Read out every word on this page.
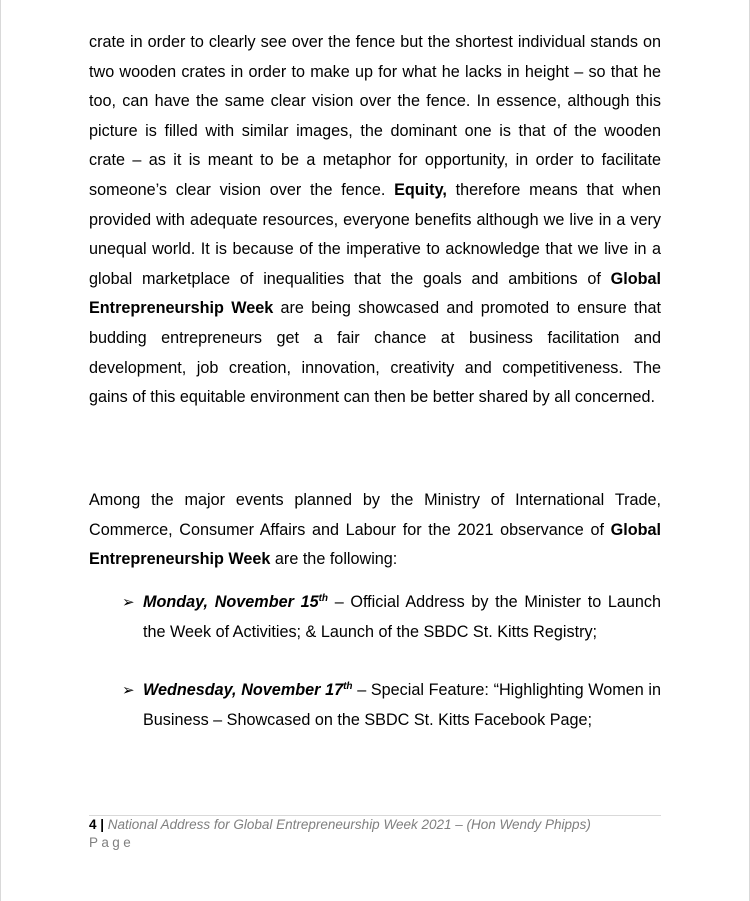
crate in order to clearly see over the fence but the shortest individual stands on two wooden crates in order to make up for what he lacks in height – so that he too, can have the same clear vision over the fence. In essence, although this picture is filled with similar images, the dominant one is that of the wooden crate – as it is meant to be a metaphor for opportunity, in order to facilitate someone’s clear vision over the fence. Equity, therefore means that when provided with adequate resources, everyone benefits although we live in a very unequal world. It is because of the imperative to acknowledge that we live in a global marketplace of inequalities that the goals and ambitions of Global Entrepreneurship Week are being showcased and promoted to ensure that budding entrepreneurs get a fair chance at business facilitation and development, job creation, innovation, creativity and competitiveness. The gains of this equitable environment can then be better shared by all concerned.

Among the major events planned by the Ministry of International Trade, Commerce, Consumer Affairs and Labour for the 2021 observance of Global Entrepreneurship Week are the following:

➢ Monday, November 15th – Official Address by the Minister to Launch the Week of Activities; & Launch of the SBDC St. Kitts Registry;

➢ Wednesday, November 17th – Special Feature: “Highlighting Women in Business – Showcased on the SBDC St. Kitts Facebook Page;

4 | National Address for Global Entrepreneurship Week 2021 – (Hon Wendy Phipps)
Page
